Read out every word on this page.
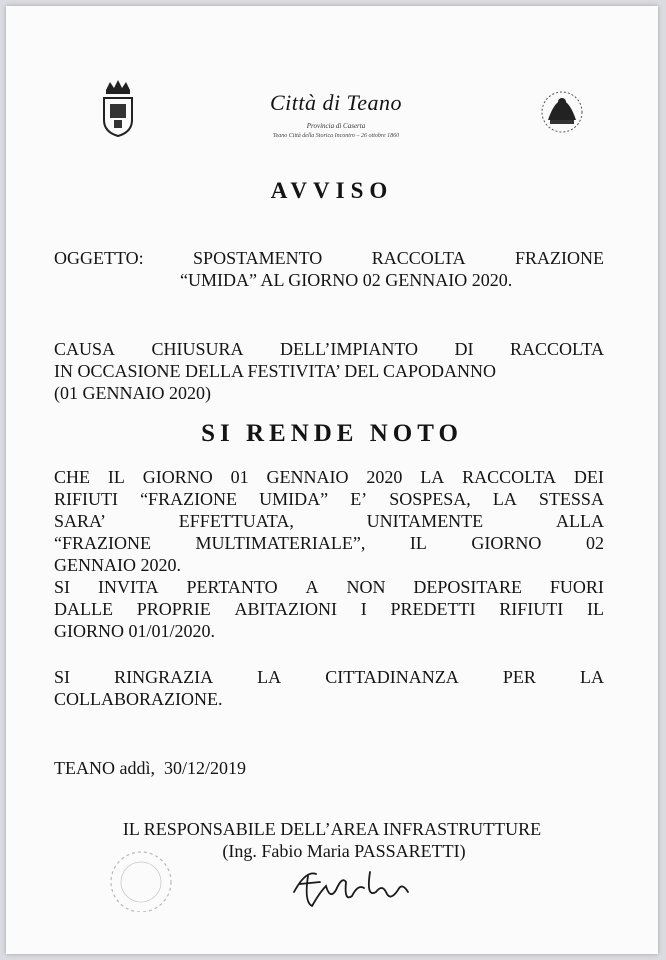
Città di Teano
Provincia di Caserta
Teano Città della Storica Incontro – 26 ottobre 1860
AVVISO
OGGETTO:	SPOSTAMENTO	RACCOLTA	FRAZIONE
“UMIDA” AL GIORNO 02 GENNAIO 2020.
CAUSA CHIUSURA DELL’IMPIANTO DI RACCOLTA
IN OCCASIONE DELLA FESTIVITA’ DEL CAPODANNO
(01 GENNAIO 2020)
SI RENDE NOTO
CHE IL GIORNO 01 GENNAIO 2020 LA RACCOLTA DEI
RIFIUTI “FRAZIONE UMIDA” E’ SOSPESA, LA STESSA
SARA’	EFFETTUATA,	UNITAMENTE	ALLA
“FRAZIONE MULTIMATERIALE”, IL GIORNO 02
GENNAIO 2020.
SI INVITA PERTANTO A NON DEPOSITARE FUORI
DALLE PROPRIE ABITAZIONI I PREDETTI RIFIUTI IL
GIORNO 01/01/2020.
SI RINGRAZIA LA CITTADINANZA PER LA
COLLABORAZIONE.
TEANO addì,  30/12/2019
IL RESPONSABILE DELL’AREA INFRASTRUTTURE
(Ing. Fabio Maria PASSARETTI)
